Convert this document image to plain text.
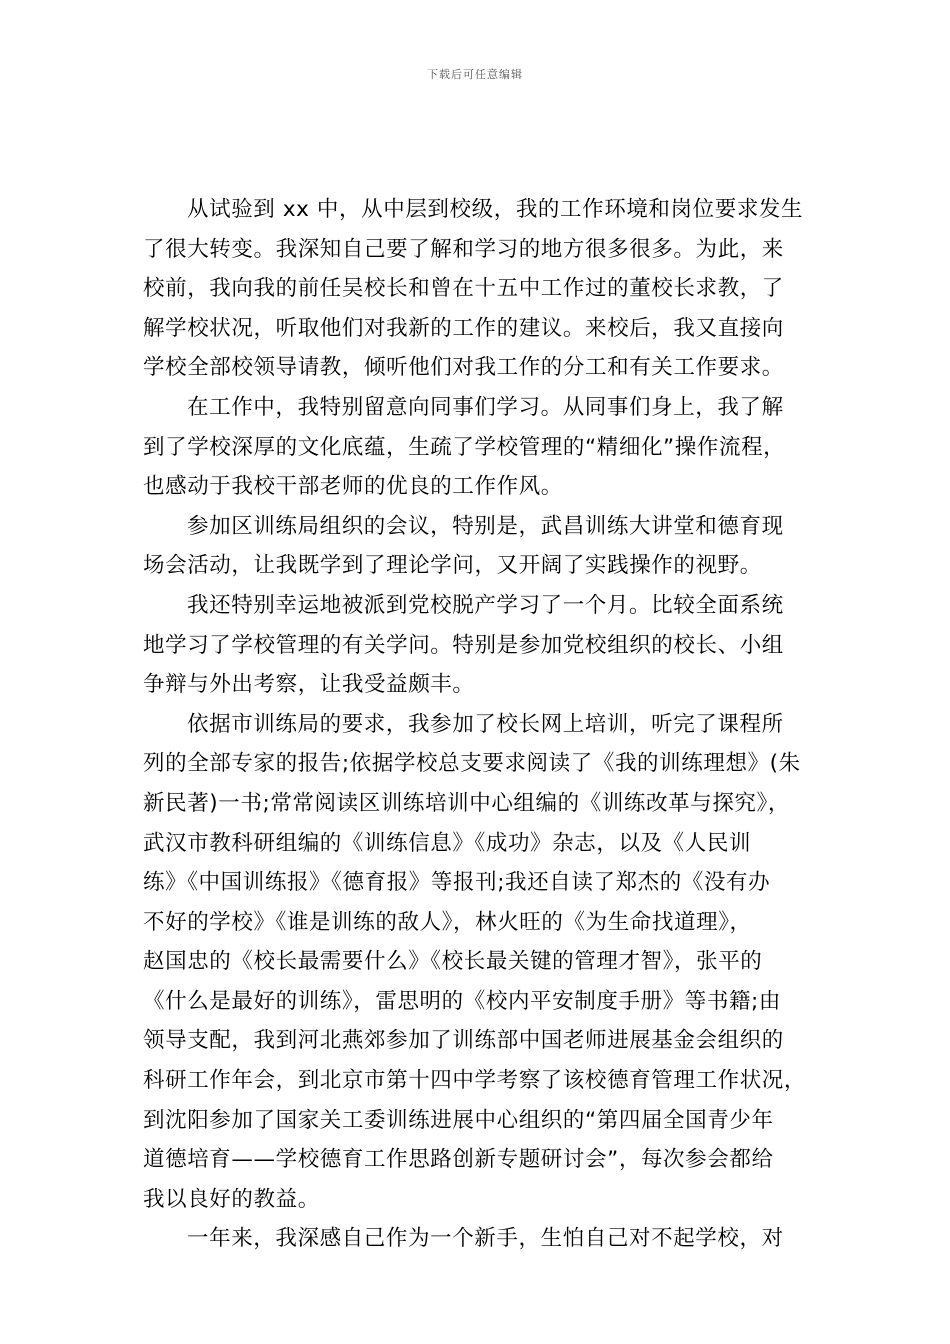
下载后可任意编辑
从试验到 xx 中，从中层到校级，我的工作环境和岗位要求发生
了很大转变。我深知自己要了解和学习的地方很多很多。为此，来
校前，我向我的前任吴校长和曾在十五中工作过的董校长求教，了
解学校状况，听取他们对我新的工作的建议。来校后，我又直接向
学校全部校领导请教，倾听他们对我工作的分工和有关工作要求。
在工作中，我特别留意向同事们学习。从同事们身上，我了解
到了学校深厚的文化底蕴，生疏了学校管理的“精细化”操作流程，
也感动于我校干部老师的优良的工作作风。
参加区训练局组织的会议，特别是，武昌训练大讲堂和德育现
场会活动，让我既学到了理论学问，又开阔了实践操作的视野。
我还特别幸运地被派到党校脱产学习了一个月。比较全面系统
地学习了学校管理的有关学问。特别是参加党校组织的校长、小组
争辩与外出考察，让我受益颇丰。
依据市训练局的要求，我参加了校长网上培训，听完了课程所
列的全部专家的报告;依据学校总支要求阅读了《我的训练理想》(朱
新民著)一书;常常阅读区训练培训中心组编的《训练改革与探究》，
武汉市教科研组编的《训练信息》《成功》杂志，以及《人民训
练》《中国训练报》《德育报》等报刊;我还自读了郑杰的《没有办
不好的学校》《谁是训练的敌人》，林火旺的《为生命找道理》，
赵国忠的《校长最需要什么》《校长最关键的管理才智》，张平的
《什么是最好的训练》，雷思明的《校内平安制度手册》等书籍;由
领导支配，我到河北燕郊参加了训练部中国老师进展基金会组织的
科研工作年会，到北京市第十四中学考察了该校德育管理工作状况，
到沈阳参加了国家关工委训练进展中心组织的“第四届全国青少年
道德培育——学校德育工作思路创新专题研讨会”，每次参会都给
我以良好的教益。
一年来，我深感自己作为一个新手，生怕自己对不起学校，对
